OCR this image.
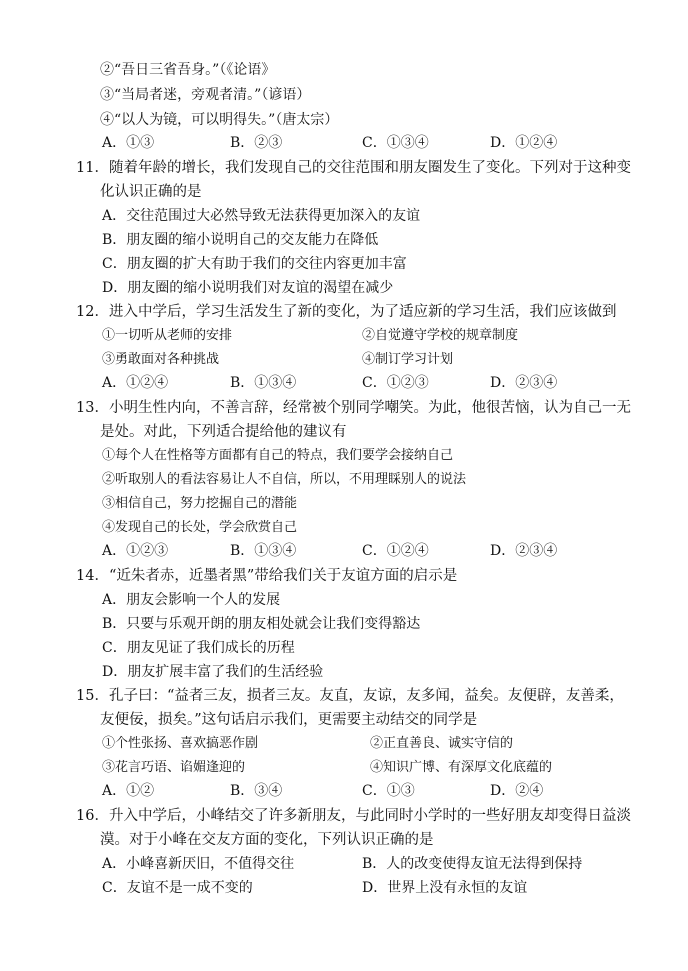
②“吾日三省吾身。”（《论语》
③“当局者迷，旁观者清。”（谚语）
④“以人为镜，可以明得失。”（唐太宗）
A．①③	B．②③	C．①③④	D．①②④
11．随着年龄的增长，我们发现自己的交往范围和朋友圈发生了变化。下列对于这种变
化认识正确的是
A．交往范围过大必然导致无法获得更加深入的友谊
B．朋友圈的缩小说明自己的交友能力在降低
C．朋友圈的扩大有助于我们的交往内容更加丰富
D．朋友圈的缩小说明我们对友谊的渴望在减少
12．进入中学后，学习生活发生了新的变化，为了适应新的学习生活，我们应该做到
①一切听从老师的安排	②自觉遵守学校的规章制度
③勇敢面对各种挑战	④制订学习计划
A．①②④	B．①③④	C．①②③	D．②③④
13．小明生性内向，不善言辞，经常被个别同学嘲笑。为此，他很苦恼，认为自己一无
是处。对此，下列适合提给他的建议有
①每个人在性格等方面都有自己的特点，我们要学会接纳自己
②听取别人的看法容易让人不自信，所以，不用理睬别人的说法
③相信自己，努力挖掘自己的潜能
④发现自己的长处，学会欣赏自己
A．①②③	B．①③④	C．①②④	D．②③④
14．“近朱者赤，近墨者黑”带给我们关于友谊方面的启示是
A．朋友会影响一个人的发展
B．只要与乐观开朗的朋友相处就会让我们变得豁达
C．朋友见证了我们成长的历程
D．朋友扩展丰富了我们的生活经验
15．孔子曰：“益者三友，损者三友。友直，友谅，友多闻，益矣。友便辟，友善柔，
友便佞，损矣。”这句话启示我们，更需要主动结交的同学是
①个性张扬、喜欢搞恶作剧	②正直善良、诚实守信的
③花言巧语、谄媚逢迎的	④知识广博、有深厚文化底蕴的
A．①②	B．③④	C．①③	D．②④
16．升入中学后，小峰结交了许多新朋友，与此同时小学时的一些好朋友却变得日益淡
漠。对于小峰在交友方面的变化，下列认识正确的是
A．小峰喜新厌旧，不值得交往	B．人的改变使得友谊无法得到保持
C．友谊不是一成不变的	D．世界上没有永恒的友谊
